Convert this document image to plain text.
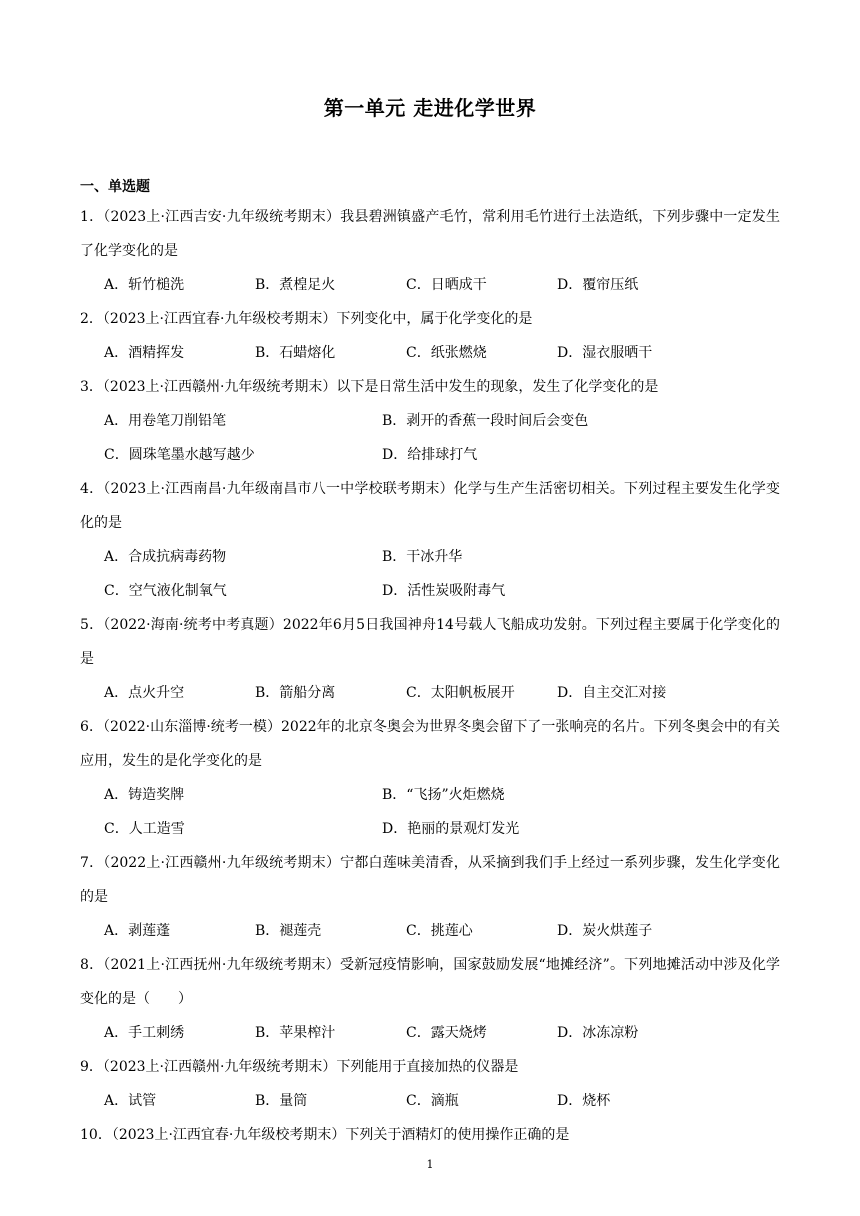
第一单元 走进化学世界
一、单选题
1．（2023上·江西吉安·九年级统考期末）我县碧洲镇盛产毛竹，常利用毛竹进行土法造纸，下列步骤中一定发生了化学变化的是
A．斩竹槌洗	B．煮楻足火	C．日晒成干	D．覆帘压纸
2．（2023上·江西宜春·九年级校考期末）下列变化中，属于化学变化的是
A．酒精挥发	B．石蜡熔化	C．纸张燃烧	D．湿衣服晒干
3．（2023上·江西赣州·九年级统考期末）以下是日常生活中发生的现象，发生了化学变化的是
A．用卷笔刀削铅笔	B．剥开的香蕉一段时间后会变色
C．圆珠笔墨水越写越少	D．给排球打气
4．（2023上·江西南昌·九年级南昌市八一中学校联考期末）化学与生产生活密切相关。下列过程主要发生化学变化的是
A．合成抗病毒药物	B．干冰升华
C．空气液化制氧气	D．活性炭吸附毒气
5．（2022·海南·统考中考真题）2022年6月5日我国神舟14号载人飞船成功发射。下列过程主要属于化学变化的是
A．点火升空	B．箭船分离	C．太阳帆板展开	D．自主交汇对接
6．（2022·山东淄博·统考一模）2022年的北京冬奥会为世界冬奥会留下了一张响亮的名片。下列冬奥会中的有关应用，发生的是化学变化的是
A．铸造奖牌	B．“飞扬”火炬燃烧
C．人工造雪	D．艳丽的景观灯发光
7．（2022上·江西赣州·九年级统考期末）宁都白莲味美清香，从采摘到我们手上经过一系列步骤，发生化学变化的是
A．剥莲蓬	B．褪莲壳	C．挑莲心	D．炭火烘莲子
8．（2021上·江西抚州·九年级统考期末）受新冠疫情影响，国家鼓励发展“地摊经济”。下列地摊活动中涉及化学变化的是（　　）
A．手工刺绣	B．苹果榨汁	C．露天烧烤	D．冰冻凉粉
9．（2023上·江西赣州·九年级统考期末）下列能用于直接加热的仪器是
A．试管	B．量筒	C．滴瓶	D．烧杯
10．（2023上·江西宜春·九年级校考期末）下列关于酒精灯的使用操作正确的是
1
